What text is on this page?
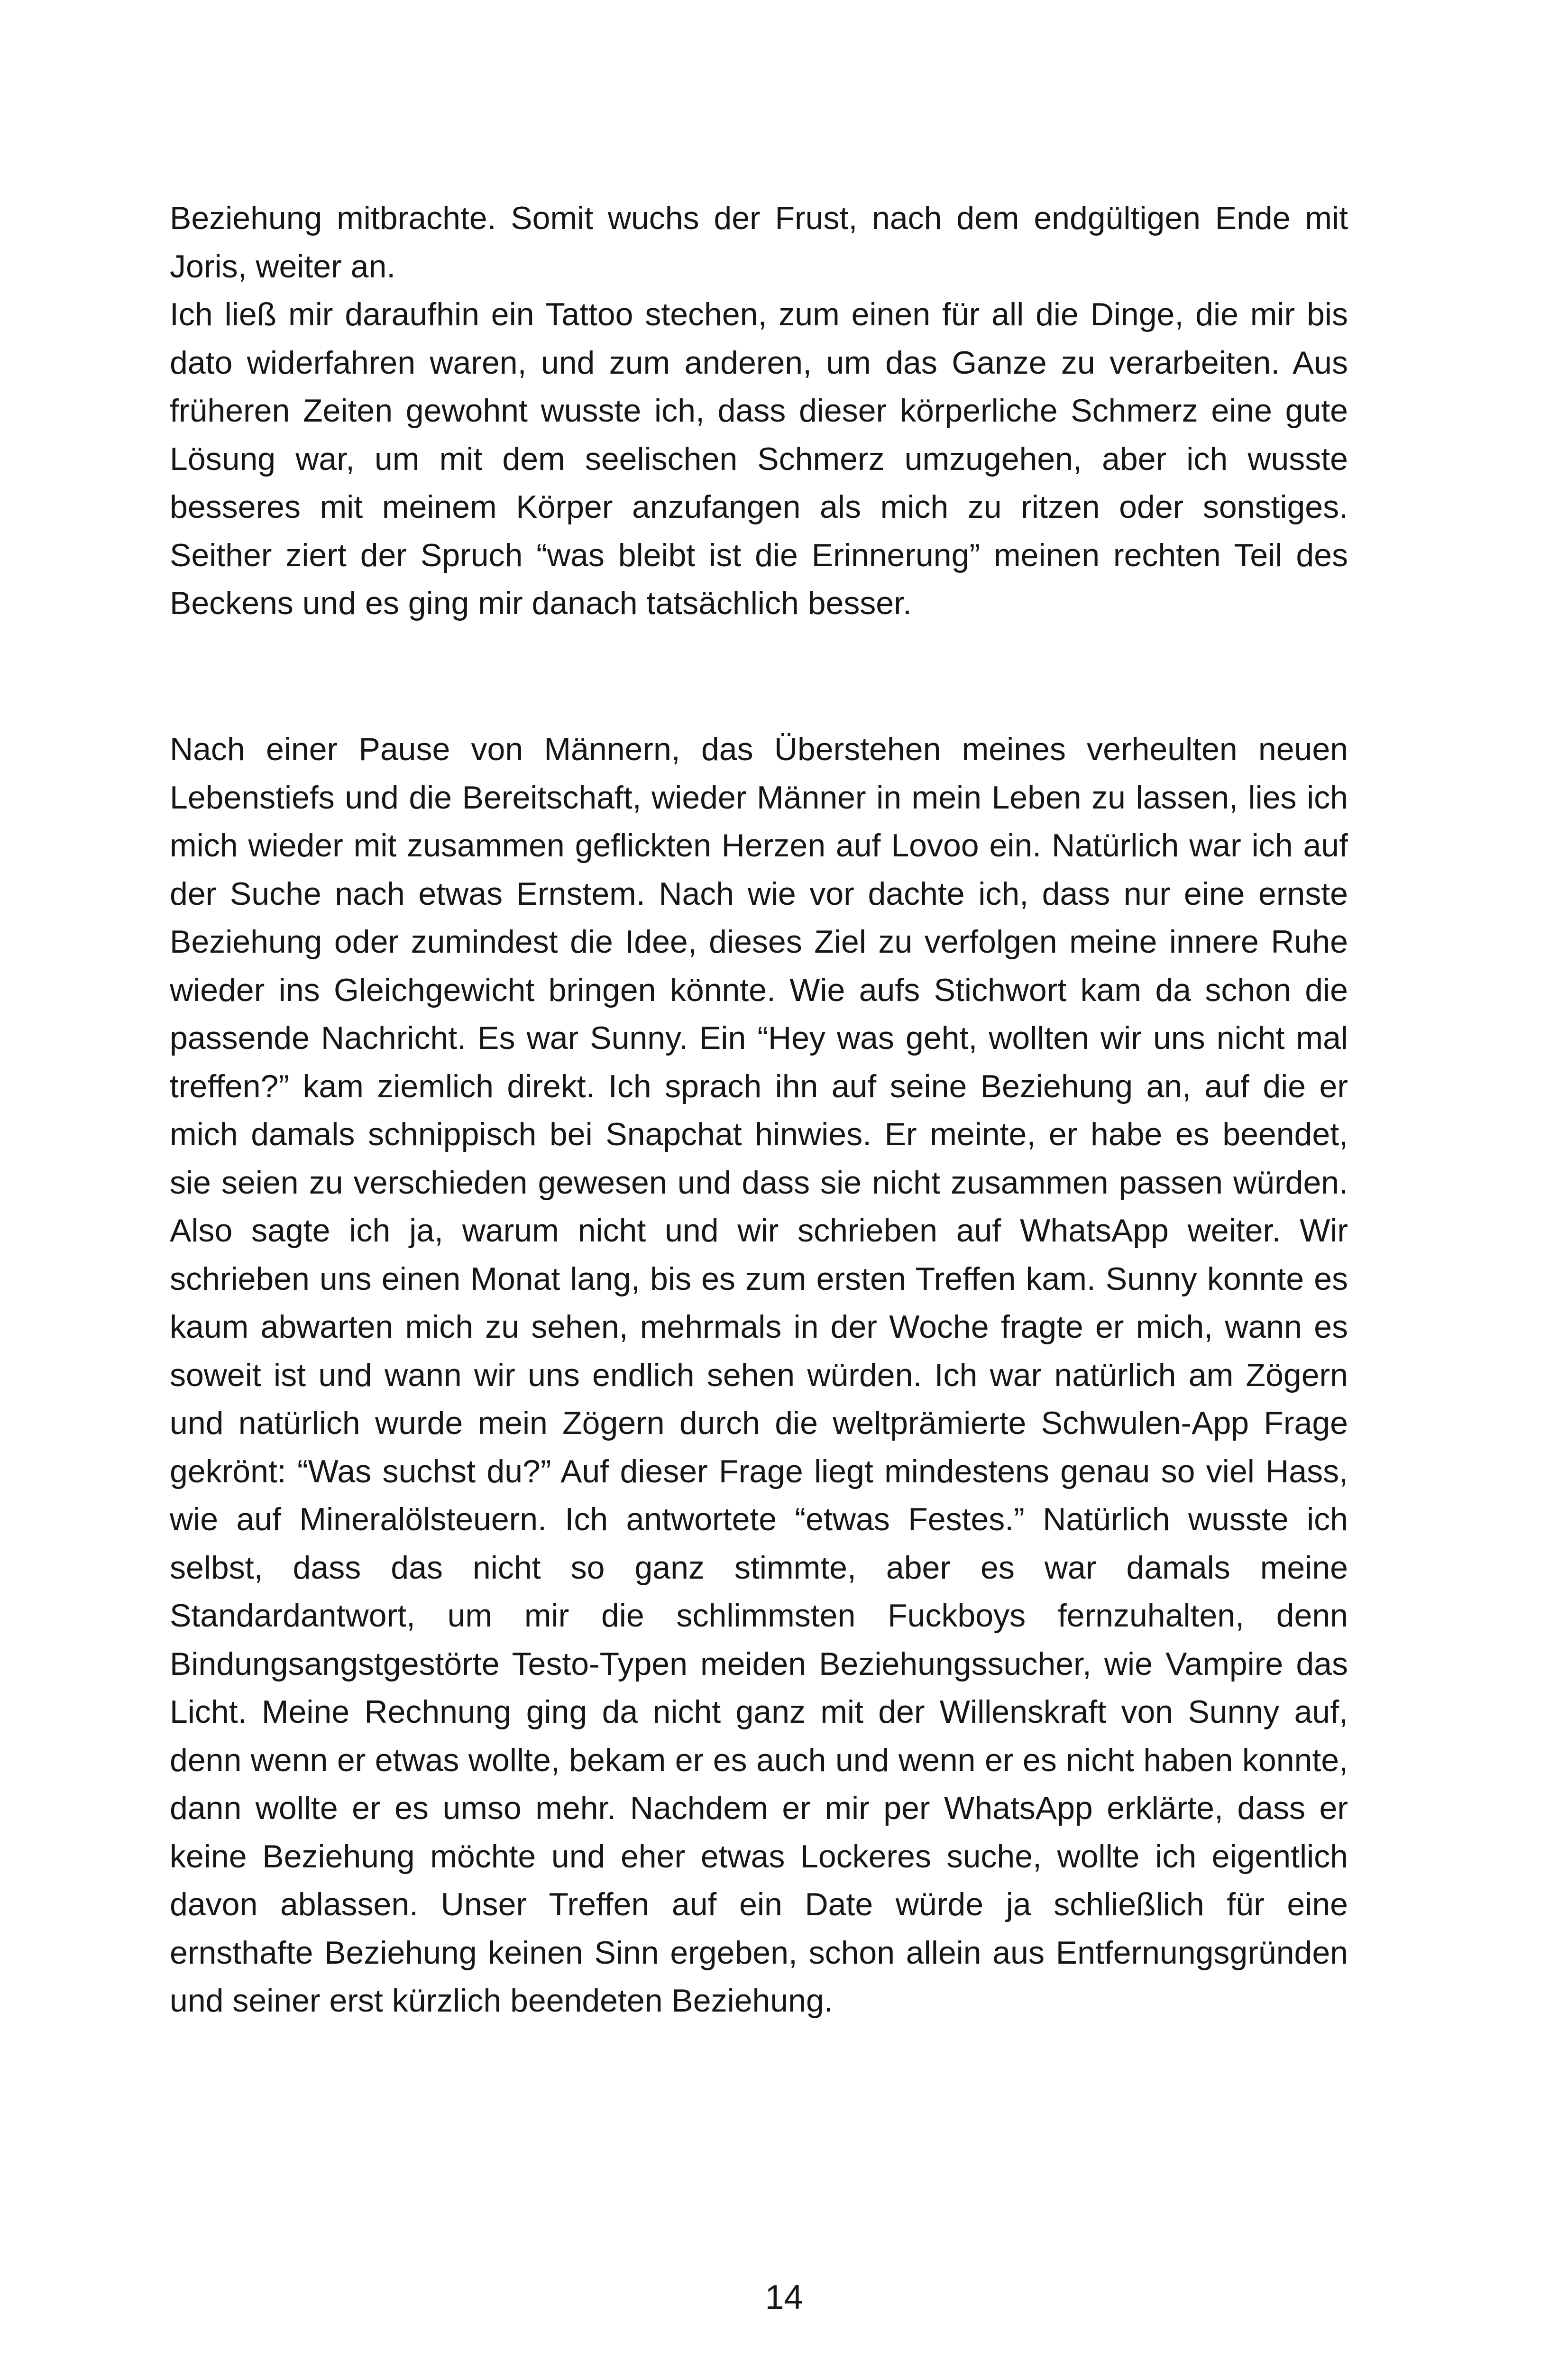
Beziehung mitbrachte. Somit wuchs der Frust, nach dem endgültigen Ende mit Joris, weiter an.

Ich ließ mir daraufhin ein Tattoo stechen, zum einen für all die Dinge, die mir bis dato widerfahren waren, und zum anderen, um das Ganze zu verarbeiten. Aus früheren Zeiten gewohnt wusste ich, dass dieser körperliche Schmerz eine gute Lösung war, um mit dem seelischen Schmerz umzugehen, aber ich wusste besseres mit meinem Körper anzufangen als mich zu ritzen oder sonstiges. Seither ziert der Spruch “was bleibt ist die Erinnerung” meinen rechten Teil des Beckens und es ging mir danach tatsächlich besser.

Nach einer Pause von Männern, das Überstehen meines verheulten neuen Lebenstiefs und die Bereitschaft, wieder Männer in mein Leben zu lassen, lies ich mich wieder mit zusammen geflickten Herzen auf Lovoo ein. Natürlich war ich auf der Suche nach etwas Ernstem. Nach wie vor dachte ich, dass nur eine ernste Beziehung oder zumindest die Idee, dieses Ziel zu verfolgen meine innere Ruhe wieder ins Gleichgewicht bringen könnte. Wie aufs Stichwort kam da schon die passende Nachricht. Es war Sunny. Ein “Hey was geht, wollten wir uns nicht mal treffen?” kam ziemlich direkt. Ich sprach ihn auf seine Beziehung an, auf die er mich damals schnippisch bei Snapchat hinwies. Er meinte, er habe es beendet, sie seien zu verschieden gewesen und dass sie nicht zusammen passen würden. Also sagte ich ja, warum nicht und wir schrieben auf WhatsApp weiter. Wir schrieben uns einen Monat lang, bis es zum ersten Treffen kam. Sunny konnte es kaum abwarten mich zu sehen, mehrmals in der Woche fragte er mich, wann es soweit ist und wann wir uns endlich sehen würden. Ich war natürlich am Zögern und natürlich wurde mein Zögern durch die weltprämierte Schwulen-App Frage gekrönt: “Was suchst du?” Auf dieser Frage liegt mindestens genau so viel Hass, wie auf Mineralölsteuern. Ich antwortete “etwas Festes.” Natürlich wusste ich selbst, dass das nicht so ganz stimmte, aber es war damals meine Standardantwort, um mir die schlimmsten Fuckboys fernzuhalten, denn Bindungsangstgestörte Testo-Typen meiden Beziehungssucher, wie Vampire das Licht. Meine Rechnung ging da nicht ganz mit der Willenskraft von Sunny auf, denn wenn er etwas wollte, bekam er es auch und wenn er es nicht haben konnte, dann wollte er es umso mehr. Nachdem er mir per WhatsApp erklärte, dass er keine Beziehung möchte und eher etwas Lockeres suche, wollte ich eigentlich davon ablassen. Unser Treffen auf ein Date würde ja schließlich für eine ernsthafte Beziehung keinen Sinn ergeben, schon allein aus Entfernungsgründen und seiner erst kürzlich beendeten Beziehung.

14
